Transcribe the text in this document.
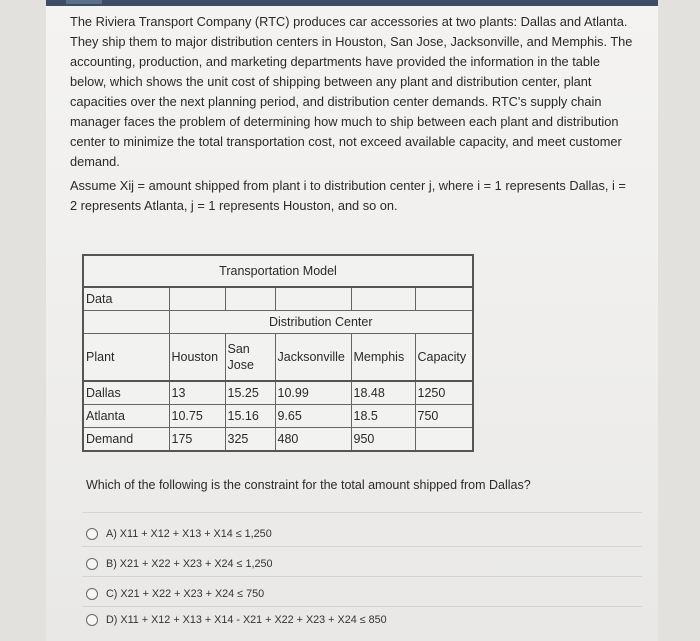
The Riviera Transport Company (RTC) produces car accessories at two plants: Dallas and Atlanta.
They ship them to major distribution centers in Houston, San Jose, Jacksonville, and Memphis. The
accounting, production, and marketing departments have provided the information in the table
below, which shows the unit cost of shipping between any plant and distribution center, plant
capacities over the next planning period, and distribution center demands. RTC's supply chain
manager faces the problem of determining how much to ship between each plant and distribution
center to minimize the total transportation cost, not exceed available capacity, and meet customer
demand.
Assume Xij = amount shipped from plant i to distribution center j, where i = 1 represents Dallas, i =
2 represents Atlanta, j = 1 represents Houston, and so on.
Transportation Model					
Data					
	Distribution Center				
Plant	Houston	San Jose	Jacksonville	Memphis	Capacity
Dallas	13	15.25	10.99	18.48	1250
Atlanta	10.75	15.16	9.65	18.5	750
Demand	175	325	480	950	
Which of the following is the constraint for the total amount shipped from Dallas?
A) X11 + X12 + X13 + X14 ≤ 1,250
B) X21 + X22 + X23 + X24 ≤ 1,250
C) X21 + X22 + X23 + X24 ≤ 750
D) X11 + X12 + X13 + X14 - X21 + X22 + X23 + X24 ≤ 850
